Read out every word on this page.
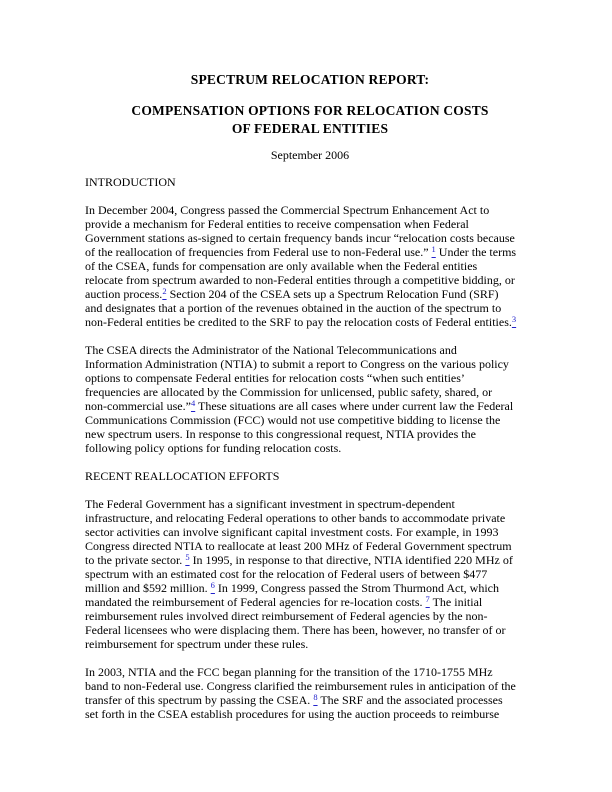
SPECTRUM RELOCATION REPORT:
COMPENSATION OPTIONS FOR RELOCATION COSTS
OF FEDERAL ENTITIES
September 2006
INTRODUCTION

In December 2004, Congress passed the Commercial Spectrum Enhancement Act to
provide a mechanism for Federal entities to receive compensation when Federal
Government stations as-signed to certain frequency bands incur “relocation costs because
of the reallocation of frequencies from Federal use to non-Federal use.” $^1$ Under the terms
of the CSEA, funds for compensation are only available when the Federal entities
relocate from spectrum awarded to non-Federal entities through a competitive bidding, or
auction process.$^2$ Section 204 of the CSEA sets up a Spectrum Relocation Fund (SRF)
and designates that a portion of the revenues obtained in the auction of the spectrum to
non-Federal entities be credited to the SRF to pay the relocation costs of Federal entities.$^3$

The CSEA directs the Administrator of the National Telecommunications and
Information Administration (NTIA) to submit a report to Congress on the various policy
options to compensate Federal entities for relocation costs “when such entities’
frequencies are allocated by the Commission for unlicensed, public safety, shared, or
non-commercial use.”$^4$ These situations are all cases where under current law the Federal
Communications Commission (FCC) would not use competitive bidding to license the
new spectrum users. In response to this congressional request, NTIA provides the
following policy options for funding relocation costs.

RECENT REALLOCATION EFFORTS

The Federal Government has a significant investment in spectrum-dependent
infrastructure, and relocating Federal operations to other bands to accommodate private
sector activities can involve significant capital investment costs. For example, in 1993
Congress directed NTIA to reallocate at least 200 MHz of Federal Government spectrum
to the private sector. $^5$ In 1995, in response to that directive, NTIA identified 220 MHz of
spectrum with an estimated cost for the relocation of Federal users of between $477
million and $592 million. $^6$ In 1999, Congress passed the Strom Thurmond Act, which
mandated the reimbursement of Federal agencies for re-location costs. $^7$ The initial
reimbursement rules involved direct reimbursement of Federal agencies by the non-
Federal licensees who were displacing them. There has been, however, no transfer of or
reimbursement for spectrum under these rules.

In 2003, NTIA and the FCC began planning for the transition of the 1710-1755 MHz
band to non-Federal use. Congress clarified the reimbursement rules in anticipation of the
transfer of this spectrum by passing the CSEA. $^8$ The SRF and the associated processes
set forth in the CSEA establish procedures for using the auction proceeds to reimburse
